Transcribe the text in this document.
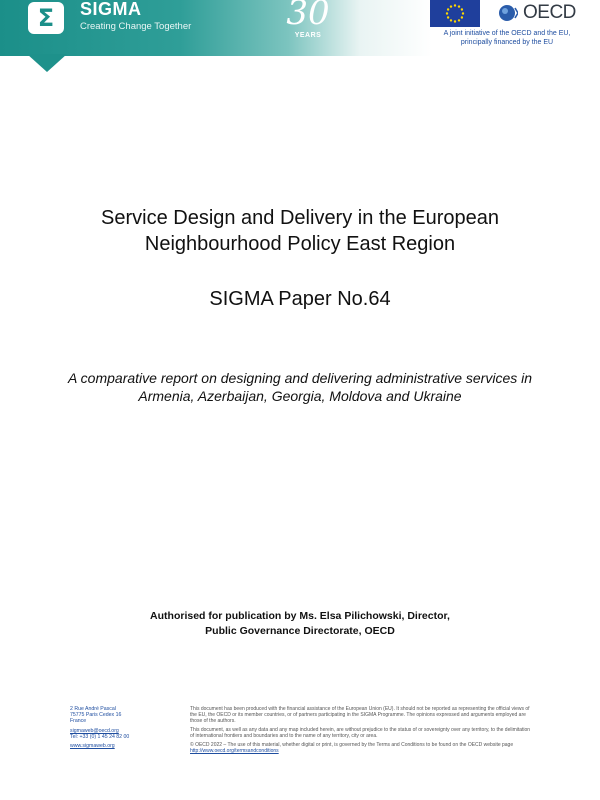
Σ SIGMA
Creating Change Together	30
YEARS
OECD
A joint initiative of the OECD and the EU,
principally financed by the EU
Service Design and Delivery in the European
Neighbourhood Policy East Region
SIGMA Paper No.64
A comparative report on designing and delivering administrative services in
Armenia, Azerbaijan, Georgia, Moldova and Ukraine
Authorised for publication by Ms. Elsa Pilichowski, Director,
Public Governance Directorate, OECD
2 Rue André Pascal
75775 Paris Cedex 16
France
sigmaweb@oecd.org
Tel: +33 (0) 1 45 24 82 00
www.sigmaweb.org

This document has been produced with the financial assistance of the European Union (EU). It should not be reported as representing the official views of the EU, the OECD or its member countries, or of partners participating in the SIGMA Programme. The opinions expressed and arguments employed are those of the authors.

This document, as well as any data and any map included herein, are without prejudice to the status of or sovereignty over any territory, to the delimitation of international frontiers and boundaries and to the name of any territory, city or area.

© OECD 2022 – The use of this material, whether digital or print, is governed by the Terms and Conditions to be found on the OECD website page http://www.oecd.org/termsandconditions
